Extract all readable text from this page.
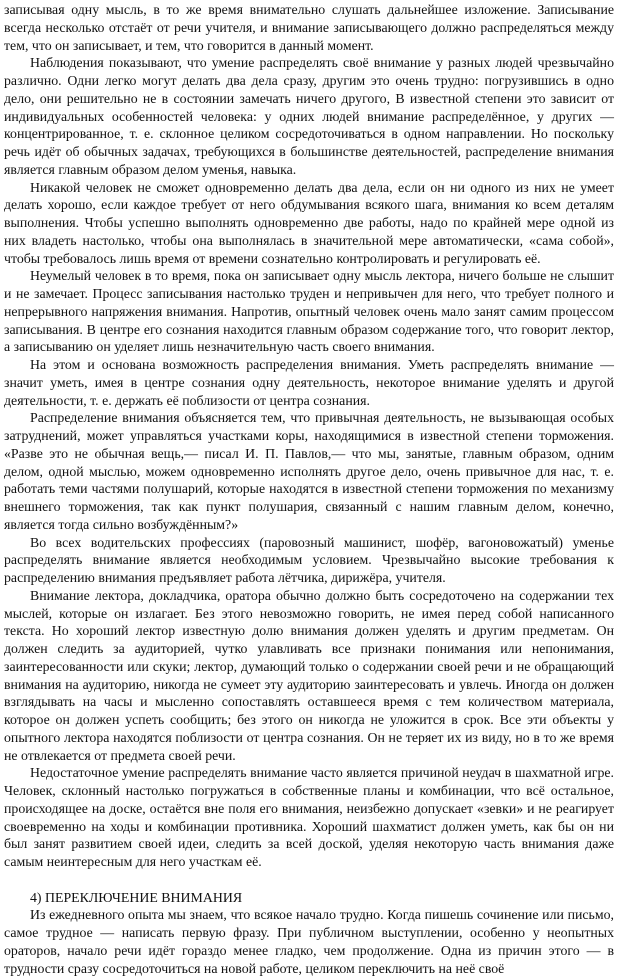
записывая одну мысль, в то же время внимательно слушать дальнейшее изложение. Записывание всегда несколько отстаёт от речи учителя, и внимание записывающего должно распределяться между тем, что он записывает, и тем, что говорится в данный момент.

Наблюдения показывают, что умение распределять своё внимание у разных людей чрезвычайно различно. Одни легко могут делать два дела сразу, другим это очень трудно: погрузившись в одно дело, они решительно не в состоянии замечать ничего другого, В известной степени это зависит от индивидуальных особенностей человека: у одних людей внимание распределённое, у других — концентрированное, т. е. склонное целиком сосредоточиваться в одном направлении. Но поскольку речь идёт об обычных задачах, требующихся в большинстве деятельностей, распределение внимания является главным образом делом уменья, навыка.

Никакой человек не сможет одновременно делать два дела, если он ни одного из них не умеет делать хорошо, если каждое требует от него обдумывания всякого шага, внимания ко всем деталям выполнения. Чтобы успешно выполнять одновременно две работы, надо по крайней мере одной из них владеть настолько, чтобы она выполнялась в значительной мере автоматически, «сама собой», чтобы требовалось лишь время от времени сознательно контролировать и регулировать её.

Неумелый человек в то время, пока он записывает одну мысль лектора, ничего больше не слышит и не замечает. Процесс записывания настолько труден и непривычен для него, что требует полного и непрерывного напряжения внимания. Напротив, опытный человек очень мало занят самим процессом записывания. В центре его сознания находится главным образом содержание того, что говорит лектор, а записыванию он уделяет лишь незначительную часть своего внимания.

На этом и основана возможность распределения внимания. Уметь распределять внимание — значит уметь, имея в центре сознания одну деятельность, некоторое внимание уделять и другой деятельности, т. е. держать её поблизости от центра сознания.

Распределение внимания объясняется тем, что привычная деятельность, не вызывающая особых затруднений, может управляться участками коры, находящимися в известной степени торможения. «Разве это не обычная вещь,— писал И. П. Павлов,— что мы, занятые, главным образом, одним делом, одной мыслью, можем одновременно исполнять другое дело, очень привычное для нас, т. е. работать теми частями полушарий, которые находятся в известной степени торможения по механизму внешнего торможения, так как пункт полушария, связанный с нашим главным делом, конечно, является тогда сильно возбуждённым?»

Во всех водительских профессиях (паровозный машинист, шофёр, вагоновожатый) уменье распределять внимание является необходимым условием. Чрезвычайно высокие требования к распределению внимания предъявляет работа лётчика, дирижёра, учителя.

Внимание лектора, докладчика, оратора обычно должно быть сосредоточено на содержании тех мыслей, которые он излагает. Без этого невозможно говорить, не имея перед собой написанного текста. Но хороший лектор известную долю внимания должен уделять и другим предметам. Он должен следить за аудиторией, чутко улавливать все признаки понимания или непонимания, заинтересованности или скуки; лектор, думающий только о содержании своей речи и не обращающий внимания на аудиторию, никогда не сумеет эту аудиторию заинтересовать и увлечь. Иногда он должен взглядывать на часы и мысленно сопоставлять оставшееся время с тем количеством материала, которое он должен успеть сообщить; без этого он никогда не уложится в срок. Все эти объекты у опытного лектора находятся поблизости от центра сознания. Он не теряет их из виду, но в то же время не отвлекается от предмета своей речи.

Недостаточное умение распределять внимание часто является причиной неудач в шахматной игре. Человек, склонный настолько погружаться в собственные планы и комбинации, что всё остальное, происходящее на доске, остаётся вне поля его внимания, неизбежно допускает «зевки» и не реагирует своевременно на ходы и комбинации противника. Хороший шахматист должен уметь, как бы он ни был занят развитием своей идеи, следить за всей доской, уделяя некоторую часть внимания даже самым неинтересным для него участкам её.

4) ПЕРЕКЛЮЧЕНИЕ ВНИМАНИЯ

Из ежедневного опыта мы знаем, что всякое начало трудно. Когда пишешь сочинение или письмо, самое трудное — написать первую фразу. При публичном выступлении, особенно у неопытных ораторов, начало речи идёт гораздо менее гладко, чем продолжение. Одна из причин этого — в трудности сразу сосредоточиться на новой работе, целиком переключить на неё своё
